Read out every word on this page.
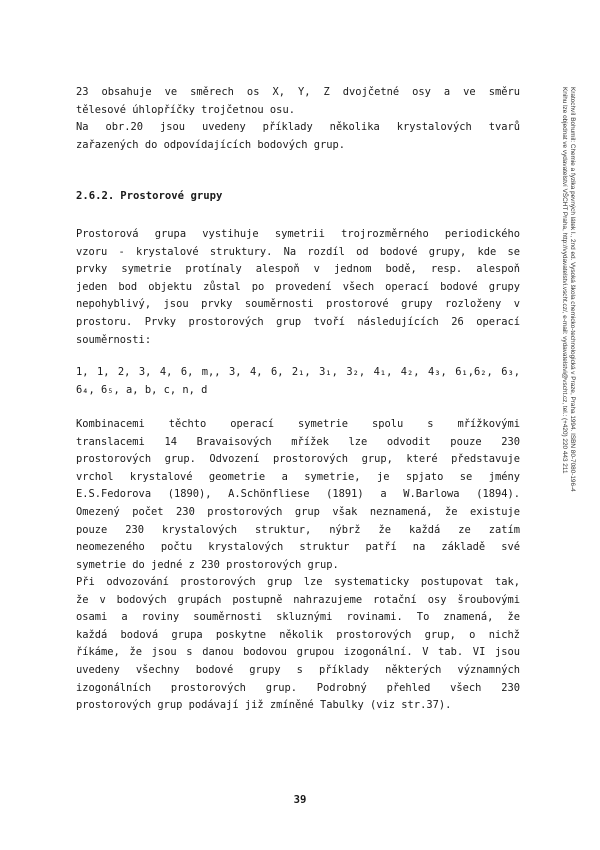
23 obsahuje ve směrech os X, Y, Z dvojčetné osy a ve směru
tělesové úhlopříčky trojčetnou osu.
Na obr.20 jsou uvedeny příklady několika krystalových tvarů
zařazených do odpovídajících bodových grup.
2.6.2. Prostorové grupy
Prostorová grupa vystihuje symetrii trojrozměrného periodického
vzoru - krystalové struktury. Na rozdíl od bodové grupy, kde se
prvky symetrie protínaly alespoň v jednom bodě, resp. alespoň
jeden bod objektu zůstal po provedení všech operací bodové grupy
nepohyblivý, jsou prvky souměrnosti prostorové grupy rozloženy v
prostoru. Prvky prostorových grup tvoří následujících 26 operací
souměrnosti:
1, 1, 2, 3, 4, 6, m,, 3, 4, 6, 2₁, 3₁, 3₂, 4₁, 4₂, 4₃, 6₁,6₂, 6₃,
6₄, 6₅, a, b, c, n, d
Kombinacemi těchto operací symetrie spolu s mřížkovými
translacemi 14 Bravaisových mřížek lze odvodit pouze 230
prostorových grup. Odvození prostorových grup, které představuje
vrchol krystalové geometrie a symetrie, je spjato se jmény
E.S.Fedorova (1890), A.Schönfliese (1891) a W.Barlowa (1894).
Omezený počet 230 prostorových grup však neznamená, že existuje
pouze 230 krystalových struktur, nýbrž že každá ze zatím
neomezeného počtu krystalových struktur patří na základě své
symetrie do jedné z 230 prostorových grup.
Při odvozování prostorových grup lze systematicky postupovat tak,
že v bodových grupách postupně nahrazujeme rotační osy šroubovými
osami a roviny souměrnosti skluznými rovinami. To znamená, že
každá bodová grupa poskytne několik prostorových grup, o nichž
říkáme, že jsou s danou bodovou grupou izogonální. V tab. VI jsou
uvedeny všechny bodové grupy s příklady některých významných
izogonálních prostorových grup. Podrobný přehled všech 230
prostorových grup podávají již zmíněné Tabulky (viz str.37).
39
Kratochvíl Bohumil: Chemie a fyzika pevných látek I., 2nd ed. Vysoká škola chemicko-technologická v Praze, Praha 1994. ISBN 80-7080-196-4
Knihu lze objednat ve vydavatelství VŠCHT Praha, http://vydavatelstvi.vscht.cz/, e-mail: vydavatelstvi@vscht.cz, tel.: (+420) 220 443 211
